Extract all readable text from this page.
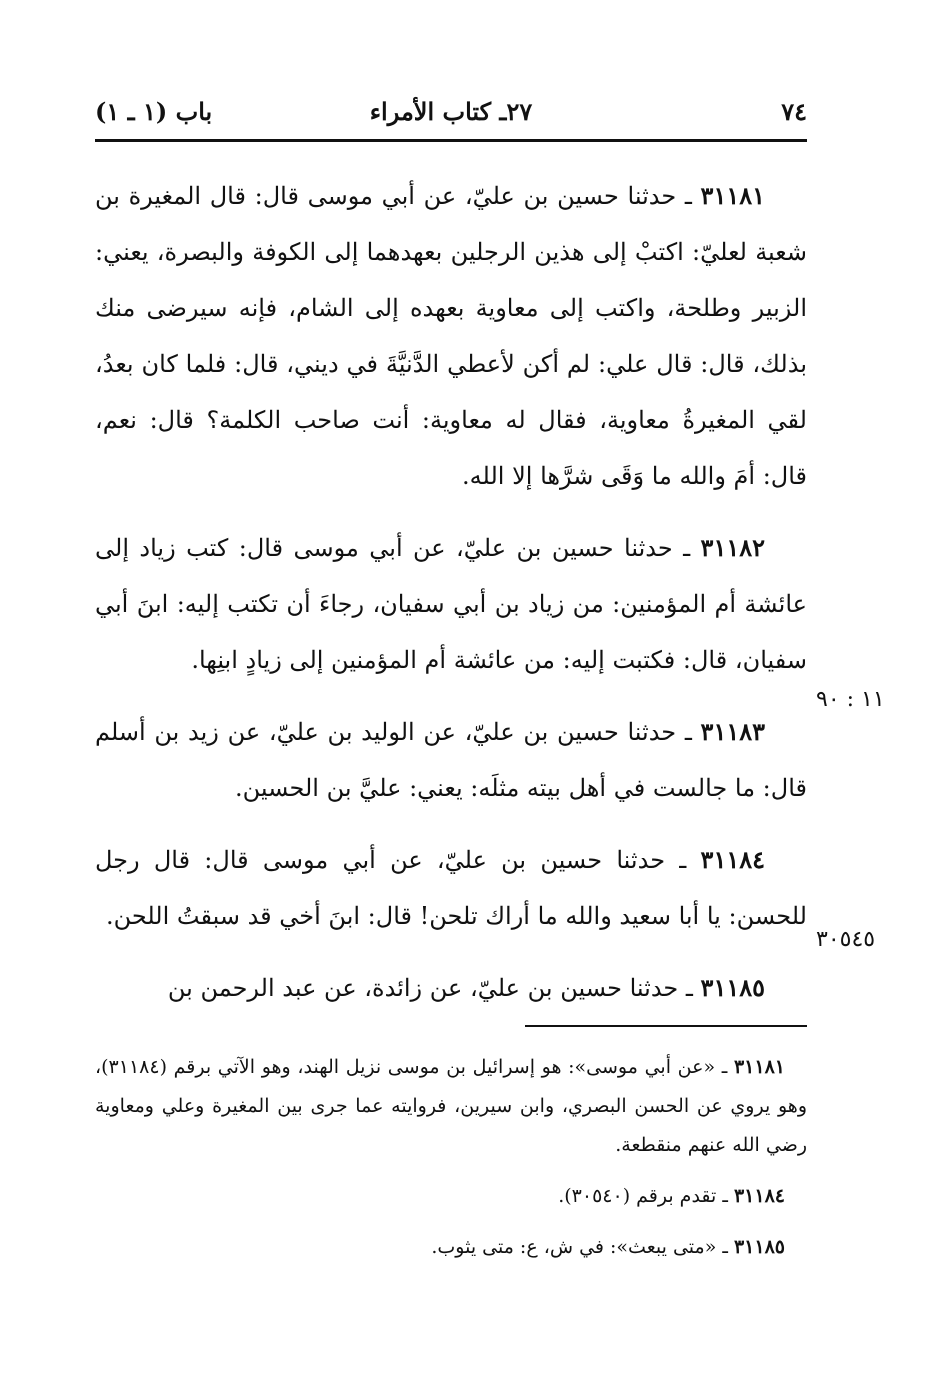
٧٤
٢٧ـ كتاب الأمراء
باب (١ ـ ١)

٣١١٨١ ـ حدثنا حسين بن عليّ، عن أبي موسى قال: قال المغيرة بن شعبة لعليّ: اكتبْ إلى هذين الرجلين بعهدهما إلى الكوفة والبصرة، يعني: الزبير وطلحة، واكتب إلى معاوية بعهده إلى الشام، فإنه سيرضى منك بذلك، قال: قال علي: لم أكن لأعطي الدَّنيَّةَ في ديني، قال: فلما كان بعدُ، لقي المغيرةُ معاوية، فقال له معاوية: أنت صاحب الكلمة؟ قال: نعم، قال: أمَ والله ما وَقَى شرَّها إلا الله.

٣١١٨٢ ـ حدثنا حسين بن عليّ، عن أبي موسى قال: كتب زياد إلى عائشة أم المؤمنين: من زياد بن أبي سفيان، رجاءَ أن تكتب إليه: ابنَ أبي سفيان، قال: فكتبت إليه: من عائشة أم المؤمنين إلى زيادٍ ابنِها.

٣١١٨٣ ـ حدثنا حسين بن عليّ، عن الوليد بن عليّ، عن زيد بن أسلم قال: ما جالست في أهل بيته مثلَه: يعني: عليَّ بن الحسين.

٣١١٨٤ ـ حدثنا حسين بن عليّ، عن أبي موسى قال: قال رجل للحسن: يا أبا سعيد والله ما أراك تلحن! قال: ابنَ أخي قد سبقتُ اللحن.

٣١١٨٥ ـ حدثنا حسين بن عليّ، عن زائدة، عن عبد الرحمن بن

١١ : ٩٠
٣٠٥٤٥

٣١١٨١ ـ «عن أبي موسى»: هو إسرائيل بن موسى نزيل الهند، وهو الآتي برقم (٣١١٨٤)، وهو يروي عن الحسن البصري، وابن سيرين، فروايته عما جرى بين المغيرة وعلي ومعاوية رضي الله عنهم منقطعة.

٣١١٨٤ ـ تقدم برقم (٣٠٥٤٠).

٣١١٨٥ ـ «متى يبعث»: في ش، ع: متى يثوب.
